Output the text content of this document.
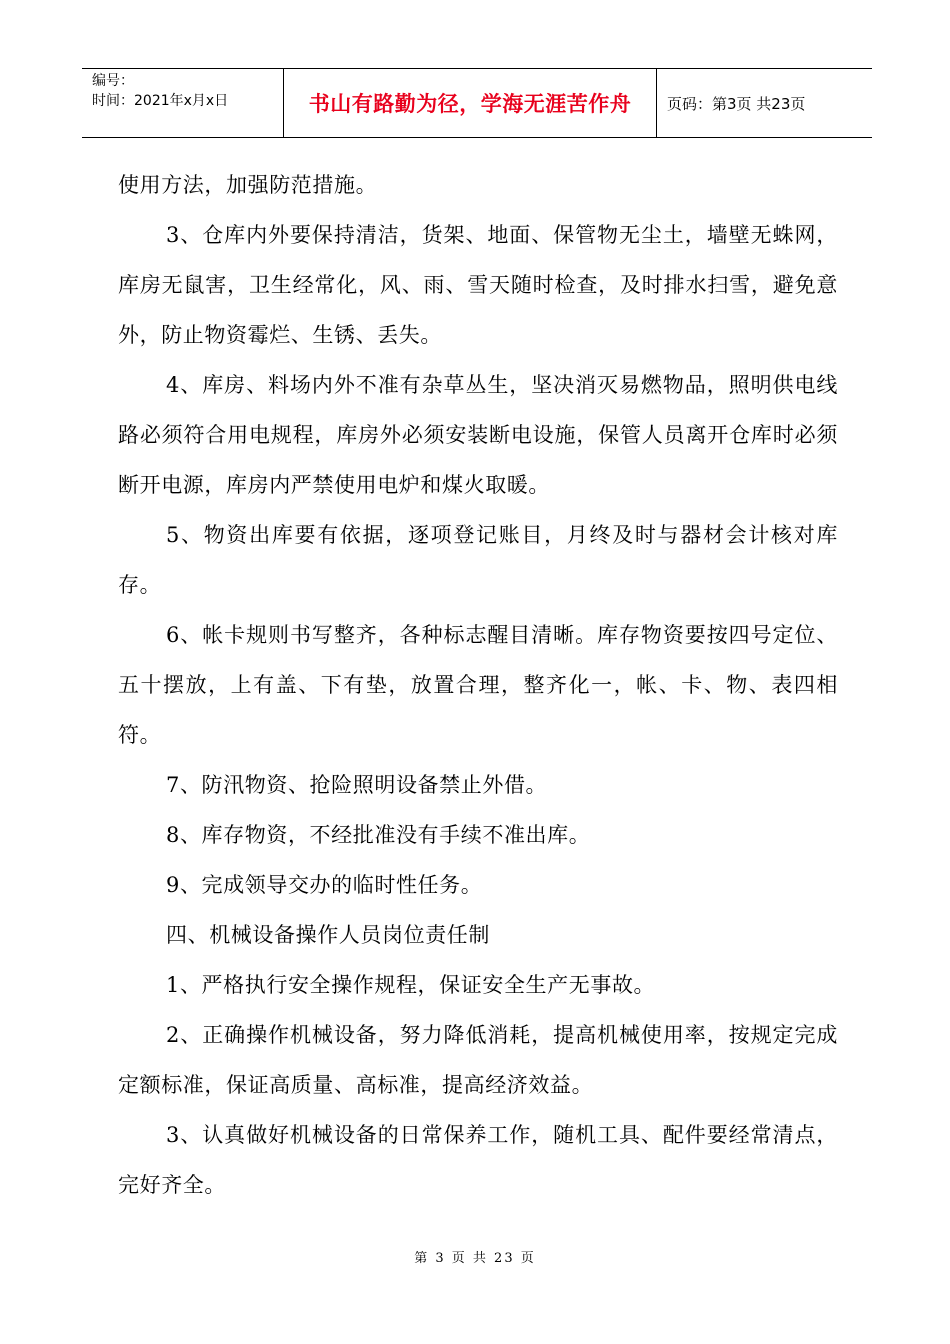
编号：
时间：2021年x月x日	书山有路勤为径，学海无涯苦作舟	页码：第3页 共23页

使用方法，加强防范措施。

3、仓库内外要保持清洁，货架、地面、保管物无尘土，墙壁无蛛网，库房无鼠害，卫生经常化，风、雨、雪天随时检查，及时排水扫雪，避免意外，防止物资霉烂、生锈、丢失。

4、库房、料场内外不准有杂草丛生，坚决消灭易燃物品，照明供电线路必须符合用电规程，库房外必须安装断电设施，保管人员离开仓库时必须断开电源，库房内严禁使用电炉和煤火取暖。

5、物资出库要有依据，逐项登记账目，月终及时与器材会计核对库存。

6、帐卡规则书写整齐，各种标志醒目清晰。库存物资要按四号定位、五十摆放，上有盖、下有垫，放置合理，整齐化一，帐、卡、物、表四相符。

7、防汛物资、抢险照明设备禁止外借。

8、库存物资，不经批准没有手续不准出库。

9、完成领导交办的临时性任务。

四、机械设备操作人员岗位责任制

1、严格执行安全操作规程，保证安全生产无事故。

2、正确操作机械设备，努力降低消耗，提高机械使用率，按规定完成定额标准，保证高质量、高标准，提高经济效益。

3、认真做好机械设备的日常保养工作，随机工具、配件要经常清点，完好齐全。

第 3 页 共 23 页
